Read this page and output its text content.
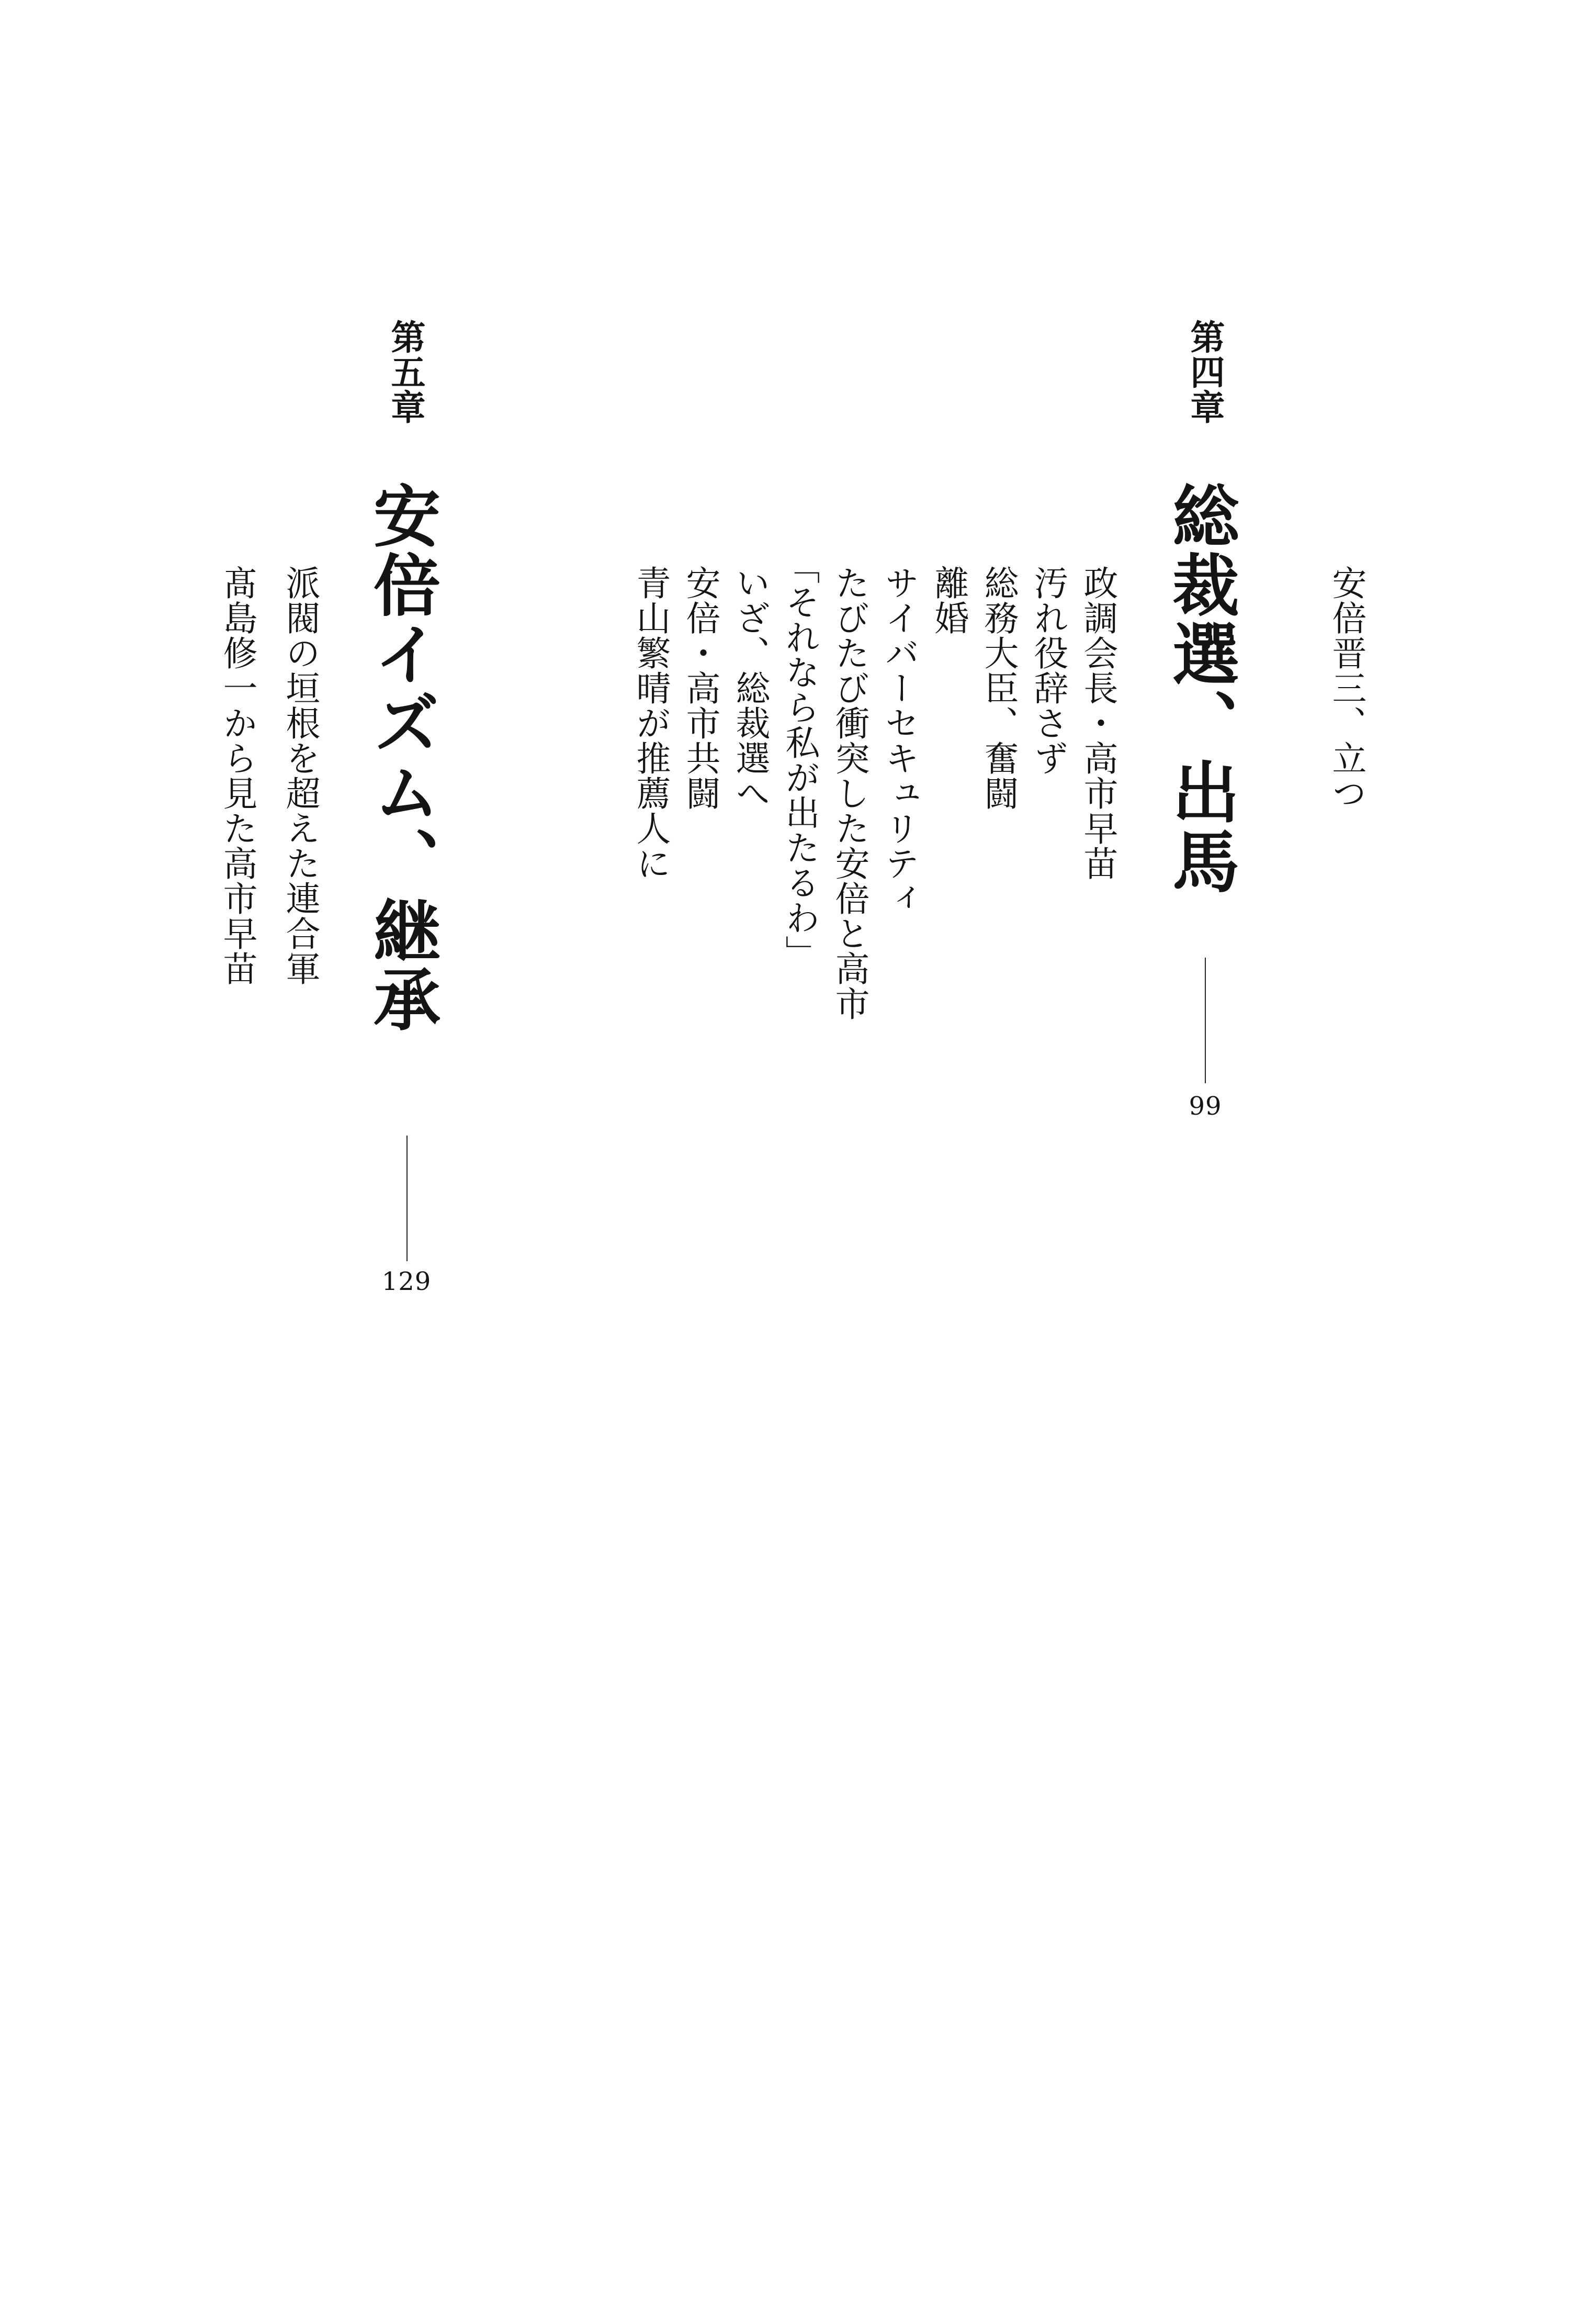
安倍晋三、立つ
第四章
総裁選、出馬
99
政調会長・高市早苗
汚れ役辞さず
総務大臣、奮闘
離婚
サイバーセキュリティ
たびたび衝突した安倍と高市
「それなら私が出たるわ」
いざ、総裁選へ
安倍・高市共闘
青山繁晴が推薦人に
第五章
安倍イズム、継承
129
派閥の垣根を超えた連合軍
髙島修一から見た高市早苗
